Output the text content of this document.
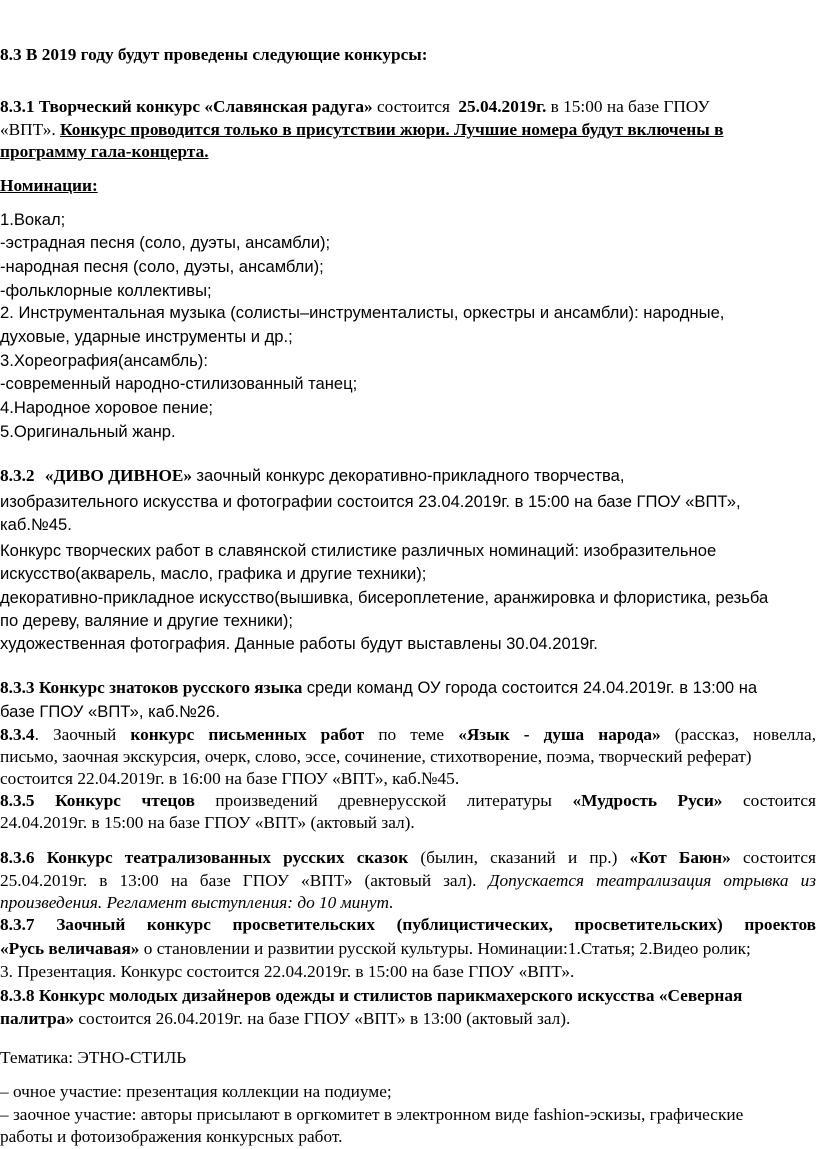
8.3 В 2019 году будут проведены следующие конкурсы:
8.3.1 Творческий конкурс «Славянская радуга» состоится 25.04.2019г. в 15:00 на базе ГПОУ
«ВПТ». Конкурс проводится только в присутствии жюри. Лучшие номера будут включены в
программу гала-концерта.
Номинации:
1.Вокал;
-эстрадная песня (соло, дуэты, ансамбли);
-народная песня (соло, дуэты, ансамбли);
-фольклорные коллективы;
2. Инструментальная музыка (солисты–инструменталисты, оркестры и ансамбли): народные,
духовые, ударные инструменты и др.;
3.Хореография(ансамбль):
-современный народно-стилизованный танец;
4.Народное хоровое пение;
5.Оригинальный жанр.
8.3.2 «ДИВО ДИВНОЕ» заочный конкурс декоративно-прикладного творчества,
изобразительного искусства и фотографии состоится 23.04.2019г. в 15:00 на базе ГПОУ «ВПТ»,
каб.№45.
Конкурс творческих работ в славянской стилистике различных номинаций: изобразительное
искусство(акварель, масло, графика и другие техники);
декоративно-прикладное искусство(вышивка, бисероплетение, аранжировка и флористика, резьба
по дереву, валяние и другие техники);
художественная фотография. Данные работы будут выставлены 30.04.2019г.
8.3.3 Конкурс знатоков русского языка среди команд ОУ города состоится 24.04.2019г. в 13:00 на
базе ГПОУ «ВПТ», каб.№26.
8.3.4. Заочный конкурс письменных работ по теме «Язык - душа народа» (рассказ, новелла,
письмо, заочная экскурсия, очерк, слово, эссе, сочинение, стихотворение, поэма, творческий реферат)
состоится 22.04.2019г. в 16:00 на базе ГПОУ «ВПТ», каб.№45.
8.3.5 Конкурс чтецов произведений древнерусской литературы «Мудрость Руси» состоится
24.04.2019г. в 15:00 на базе ГПОУ «ВПТ» (актовый зал).
8.3.6 Конкурс театрализованных русских сказок (былин, сказаний и пр.) «Кот Баюн» состоится
25.04.2019г. в 13:00 на базе ГПОУ «ВПТ» (актовый зал). Допускается театрализация отрывка из
произведения. Регламент выступления: до 10 минут.
8.3.7 Заочный конкурс просветительских (публицистических, просветительских) проектов
«Русь величавая» о становлении и развитии русской культуры. Номинации:1.Статья; 2.Видео ролик;
3. Презентация. Конкурс состоится 22.04.2019г. в 15:00 на базе ГПОУ «ВПТ».
8.3.8 Конкурс молодых дизайнеров одежды и стилистов парикмахерского искусства «Северная
палитра» состоится 26.04.2019г. на базе ГПОУ «ВПТ» в 13:00 (актовый зал).
Тематика: ЭТНО-СТИЛЬ
– очное участие: презентация коллекции на подиуме;
– заочное участие: авторы присылают в оргкомитет в электронном виде fashion-эскизы, графические
работы и фотоизображения конкурсных работ.
